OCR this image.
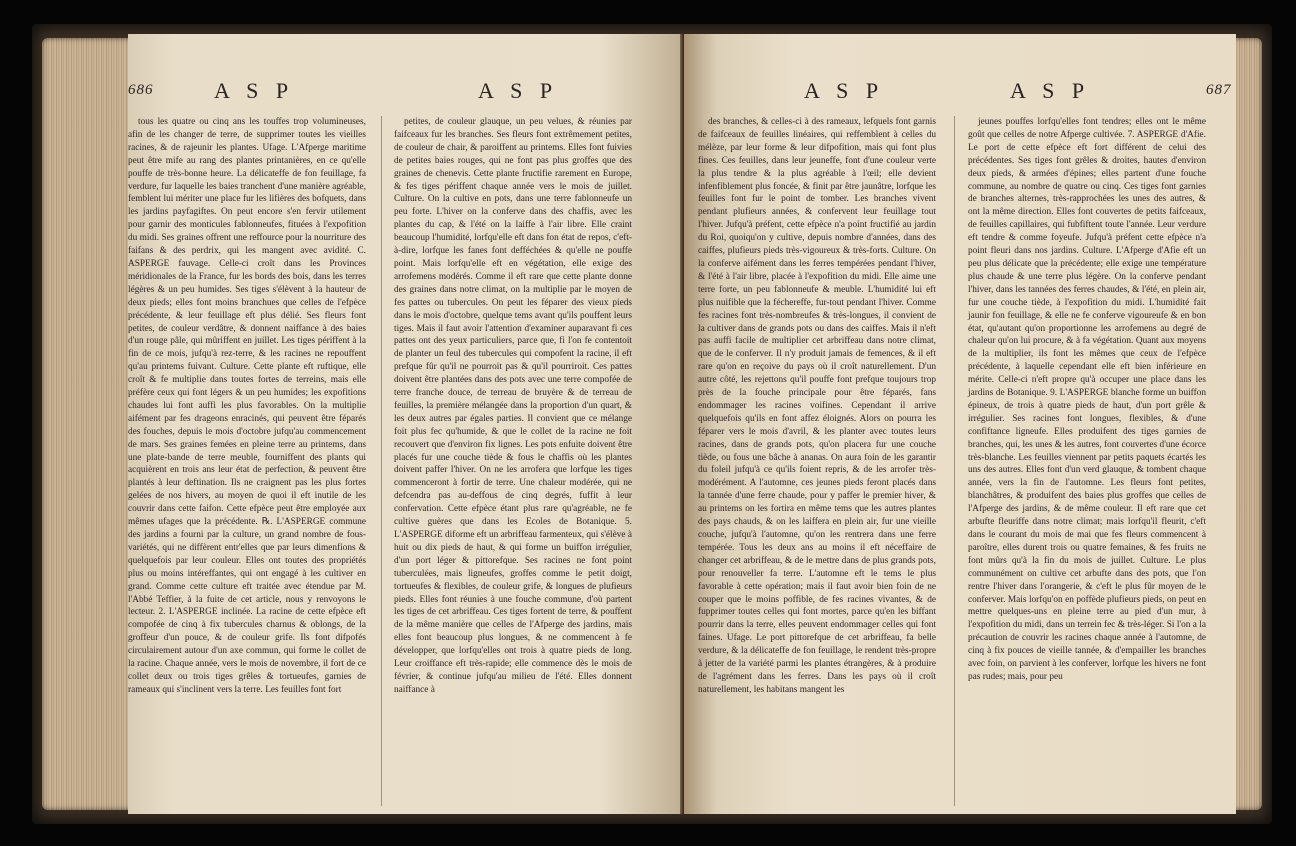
686	A S P	A S P

tous les quatre ou cinq ans les touffes trop volumineuses, afin de les changer de terre, de supprimer toutes les vieilles racines, & de rajeunir les plantes. Ufage. L'Afperge maritime peut être mife au rang des plantes printanières, en ce qu'elle pouffe de très-bonne heure. La délicateffe de fon feuillage, fa verdure, fur laquelle les baies tranchent d'une manière agréable, femblent lui mériter une place fur les lifières des bofquets, dans les jardins payfagiftes. On peut encore s'en fervir utilement pour garnir des monticules fablonneufes, fituées à l'expofition du midi. Ses graines offrent une reffource pour la nourriture des faifans & des perdrix, qui les mangent avec avidité. C. ASPERGE fauvage. Celle-ci croît dans les Provinces méridionales de la France, fur les bords des bois, dans les terres légères & un peu humides. Ses tiges s'élèvent à la hauteur de deux pieds; elles font moins branchues que celles de l'efpèce précédente, & leur feuillage eft plus délié. Ses fleurs font petites, de couleur verdâtre, & donnent naiffance à des baies d'un rouge pâle, qui mûriffent en juillet. Les tiges périffent à la fin de ce mois, jufqu'à rez-terre, & les racines ne repouffent qu'au printems fuivant. Culture. Cette plante eft ruftique, elle croît & fe multiplie dans toutes fortes de terreins, mais elle préfère ceux qui font légers & un peu humides; les expofitions chaudes lui font auffi les plus favorables. On la multiplie aifément par fes drageons enracinés, qui peuvent être féparés des fouches, depuis le mois d'octobre jufqu'au commencement de mars. Ses graines femées en pleine terre au printems, dans une plate-bande de terre meuble, fourniffent des plants qui acquièrent en trois ans leur état de perfection, & peuvent être plantés à leur deftination. Ils ne craignent pas les plus fortes gelées de nos hivers, au moyen de quoi il eft inutile de les couvrir dans cette faifon. Cette efpèce peut être employée aux mêmes ufages que la précédente. ℞. L'ASPERGE commune des jardins a fourni par la culture, un grand nombre de fous-variétés, qui ne diffèrent entr'elles que par leurs dimenfions & quelquefois par leur couleur. Elles ont toutes des propriétés plus ou moins intéreffantes, qui ont engagé à les cultiver en grand. Comme cette culture eft traitée avec étendue par M. l'Abbé Teffier, à la fuite de cet article, nous y renvoyons le lecteur. 2. L'ASPERGE inclinée. La racine de cette efpèce eft compofée de cinq à fix tubercules charnus & oblongs, de la groffeur d'un pouce, & de couleur grife. Ils font difpofés circulairement autour d'un axe commun, qui forme le collet de la racine. Chaque année, vers le mois de novembre, il fort de ce collet deux ou trois tiges grêles & tortueufes, garnies de rameaux qui s'inclinent vers la terre. Les feuilles font fort

petites, de couleur glauque, un peu velues, & réunies par faifceaux fur les branches. Ses fleurs font extrêmement petites, de couleur de chair, & paroiffent au printems. Elles font fuivies de petites baies rouges, qui ne font pas plus groffes que des graines de chenevis. Cette plante fructifie rarement en Europe, & fes tiges périffent chaque année vers le mois de juillet. Culture. On la cultive en pots, dans une terre fablonneufe un peu forte. L'hiver on la conferve dans des chaffis, avec les plantes du cap, & l'été on la laiffe à l'air libre. Elle craint beaucoup l'humidité, lorfqu'elle eft dans fon état de repos, c'eft-à-dire, lorfque les fanes font defféchées & qu'elle ne pouffe point. Mais lorfqu'elle eft en végétation, elle exige des arrofemens modérés. Comme il eft rare que cette plante donne des graines dans notre climat, on la multiplie par le moyen de fes pattes ou tubercules. On peut les féparer des vieux pieds dans le mois d'octobre, quelque tems avant qu'ils pouffent leurs tiges. Mais il faut avoir l'attention d'examiner auparavant fi ces pattes ont des yeux particuliers, parce que, fi l'on fe contentoit de planter un feul des tubercules qui compofent la racine, il eft prefque fûr qu'il ne pourroit pas & qu'il pourriroit. Ces pattes doivent être plantées dans des pots avec une terre compofée de terre franche douce, de terreau de bruyère & de terreau de feuilles, la première mélangée dans la proportion d'un quart, & les deux autres par égales parties. Il convient que ce mélange foit plus fec qu'humide, & que le collet de la racine ne foit recouvert que d'environ fix lignes. Les pots enfuite doivent être placés fur une couche tiède & fous le chaffis où les plantes doivent paffer l'hiver. On ne les arrofera que lorfque les tiges commenceront à fortir de terre. Une chaleur modérée, qui ne defcendra pas au-deffous de cinq degrés, fuffit à leur confervation. Cette efpèce étant plus rare qu'agréable, ne fe cultive guères que dans les Ecoles de Botanique. 5. L'ASPERGE diforme eft un arbriffeau farmenteux, qui s'élève à huit ou dix pieds de haut, & qui forme un buiffon irrégulier, d'un port léger & pittorefque. Ses racines ne font point tuberculées, mais ligneufes, groffes comme le petit doigt, tortueufes & flexibles, de couleur grife, & longues de plufieurs pieds. Elles font réunies à une fouche commune, d'où partent les tiges de cet arbriffeau. Ces tiges fortent de terre, & pouffent de la même manière que celles de l'Afperge des jardins, mais elles font beaucoup plus longues, & ne commencent à fe développer, que lorfqu'elles ont trois à quatre pieds de long. Leur croiffance eft très-rapide; elle commence dès le mois de février, & continue jufqu'au milieu de l'été. Elles donnent naiffance à

A S P	A S P	687

des branches, & celles-ci à des rameaux, lefquels font garnis de faifceaux de feuilles linéaires, qui reffemblent à celles du mélèze, par leur forme & leur difpofition, mais qui font plus fines. Ces feuilles, dans leur jeuneffe, font d'une couleur verte la plus tendre & la plus agréable à l'œil; elle devient infenfiblement plus foncée, & finit par être jaunâtre, lorfque les feuilles font fur le point de tomber. Les branches vivent pendant plufieurs années, & confervent leur feuillage tout l'hiver. Jufqu'à préfent, cette efpèce n'a point fructifié au jardin du Roi, quoiqu'on y cultive, depuis nombre d'années, dans des caiffes, plufieurs pieds très-vigoureux & très-forts. Culture. On la conferve aifément dans les ferres tempérées pendant l'hiver, & l'été à l'air libre, placée à l'expofition du midi. Elle aime une terre forte, un peu fablonneufe & meuble. L'humidité lui eft plus nuifible que la féchereffe, fur-tout pendant l'hiver. Comme fes racines font très-nombreufes & très-longues, il convient de la cultiver dans de grands pots ou dans des caiffes. Mais il n'eft pas auffi facile de multiplier cet arbriffeau dans notre climat, que de le conferver. Il n'y produit jamais de femences, & il eft rare qu'on en reçoive du pays où il croît naturellement. D'un autre côté, les rejettons qu'il pouffe font prefque toujours trop près de la fouche principale pour être féparés, fans endommager les racines voifines. Cependant il arrive quelquefois qu'ils en font affez éloignés. Alors on pourra les féparer vers le mois d'avril, & les planter avec toutes leurs racines, dans de grands pots, qu'on placera fur une couche tiède, ou fous une bâche à ananas. On aura foin de les garantir du foleil jufqu'à ce qu'ils foient repris, & de les arrofer très-modérément. A l'automne, ces jeunes pieds feront placés dans la tannée d'une ferre chaude, pour y paffer le premier hiver, & au printems on les fortira en même tems que les autres plantes des pays chauds, & on les laiffera en plein air, fur une vieille couche, jufqu'à l'automne, qu'on les rentrera dans une ferre tempérée. Tous les deux ans au moins il eft néceffaire de changer cet arbriffeau, & de le mettre dans de plus grands pots, pour renouveller fa terre. L'automne eft le tems le plus favorable à cette opération; mais il faut avoir bien foin de ne couper que le moins poffible, de fes racines vivantes, & de fupprimer toutes celles qui font mortes, parce qu'en les biffant pourrir dans la terre, elles peuvent endommager celles qui font faines. Ufage. Le port pittorefque de cet arbriffeau, fa belle verdure, & la délicateffe de fon feuillage, le rendent très-propre à jetter de la variété parmi les plantes étrangères, & à produire de l'agrément dans les ferres. Dans les pays où il croît naturellement, les habitans mangent les

jeunes pouffes lorfqu'elles font tendres; elles ont le même goût que celles de notre Afperge cultivée. 7. ASPERGE d'Afie. Le port de cette efpèce eft fort différent de celui des précédentes. Ses tiges font grêles & droites, hautes d'environ deux pieds, & armées d'épines; elles partent d'une fouche commune, au nombre de quatre ou cinq. Ces tiges font garnies de branches alternes, très-rapprochées les unes des autres, & ont la même direction. Elles font couvertes de petits faifceaux, de feuilles capillaires, qui fubfiftent toute l'année. Leur verdure eft tendre & comme foyeufe. Jufqu'à préfent cette efpèce n'a point fleuri dans nos jardins. Culture. L'Afperge d'Afie eft un peu plus délicate que la précédente; elle exige une température plus chaude & une terre plus légère. On la conferve pendant l'hiver, dans les tannées des ferres chaudes, & l'été, en plein air, fur une couche tiède, à l'expofition du midi. L'humidité fait jaunir fon feuillage, & elle ne fe conferve vigoureufe & en bon état, qu'autant qu'on proportionne les arrofemens au degré de chaleur qu'on lui procure, & à fa végétation. Quant aux moyens de la multiplier, ils font les mêmes que ceux de l'efpèce précédente, à laquelle cependant elle eft bien inférieure en mérite. Celle-ci n'eft propre qu'à occuper une place dans les jardins de Botanique. 9. L'ASPERGE blanche forme un buiffon épineux, de trois à quatre pieds de haut, d'un port grêle & irrégulier. Ses racines font longues, flexibles, & d'une confiftance ligneufe. Elles produifent des tiges garnies de branches, qui, les unes & les autres, font couvertes d'une écorce très-blanche. Les feuilles viennent par petits paquets écartés les uns des autres. Elles font d'un verd glauque, & tombent chaque année, vers la fin de l'automne. Les fleurs font petites, blanchâtres, & produifent des baies plus groffes que celles de l'Afperge des jardins, & de même couleur. Il eft rare que cet arbufte fleuriffe dans notre climat; mais lorfqu'il fleurit, c'eft dans le courant du mois de mai que fes fleurs commencent à paroître, elles durent trois ou quatre femaines, & fes fruits ne font mûrs qu'à la fin du mois de juillet. Culture. Le plus communément on cultive cet arbufte dans des pots, que l'on rentre l'hiver dans l'orangerie, & c'eft le plus fûr moyen de le conferver. Mais lorfqu'on en poffède plufieurs pieds, on peut en mettre quelques-uns en pleine terre au pied d'un mur, à l'expofition du midi, dans un terrein fec & très-léger. Si l'on a la précaution de couvrir les racines chaque année à l'automne, de cinq à fix pouces de vieille tannée, & d'empailler les branches avec foin, on parvient à les conferver, lorfque les hivers ne font pas rudes; mais, pour peu
